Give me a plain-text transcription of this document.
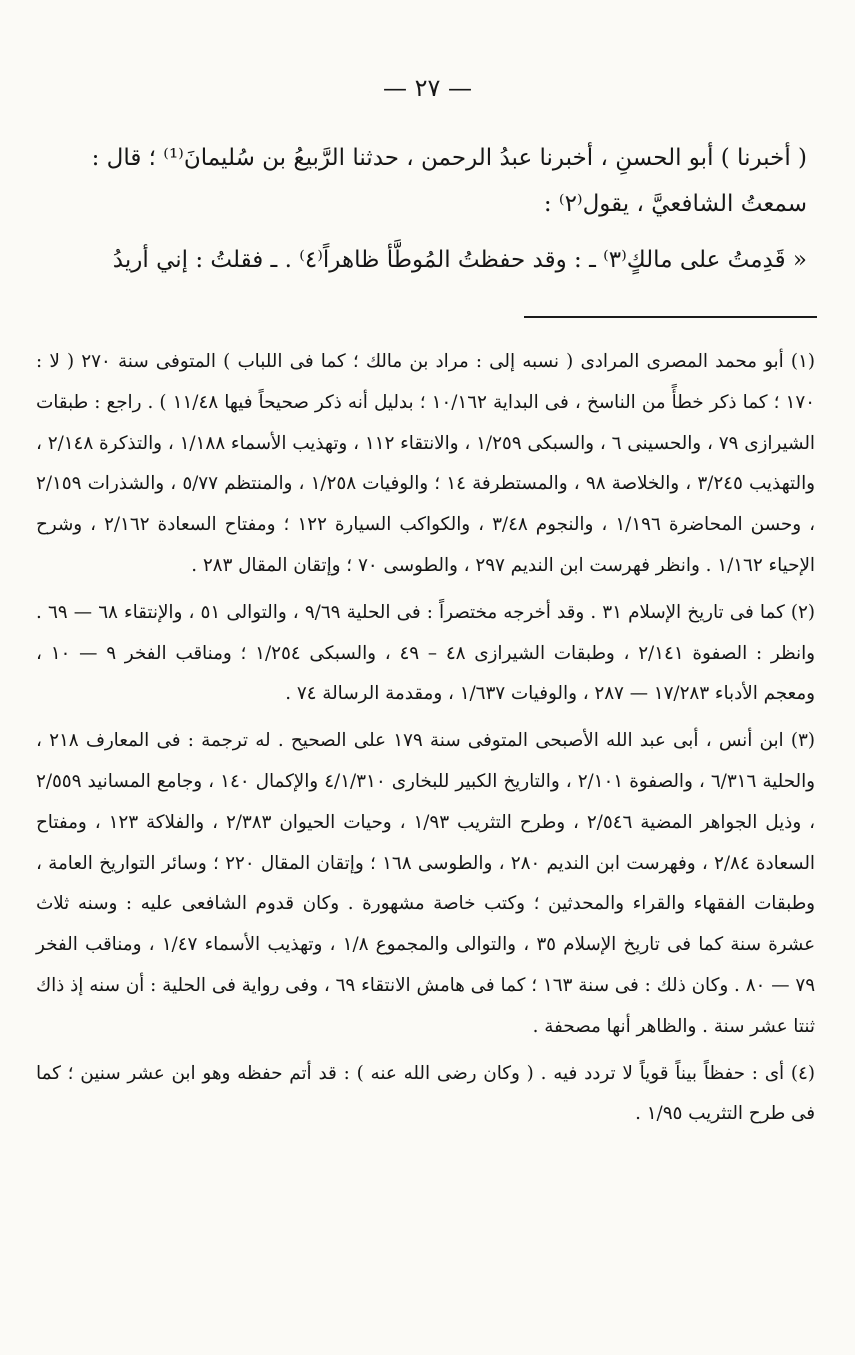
— ٢٧ —

( أخبرنا ) أبو الحسنِ ، أخبرنا عبدُ الرحمن ، حدثنا الرَّبيعُ بن سُليمانَ⁽¹⁾ ؛ قال :

سمعتُ الشافعيَّ ، يقول⁽٢⁾ :

« قَدِمتُ على مالكٍ⁽٣⁾ ـ : وقد حفظتُ المُوطَّأ ظاهراً⁽٤⁾ . ـ فقلتُ : إني أريدُ

(١) أبو محمد المصرى المرادى ( نسبه إلى : مراد بن مالك ؛ كما فى اللباب ) المتوفى سنة ٢٧٠ ( لا : ١٧٠ ؛ كما ذكر خطأً من الناسخ ، فى البداية ١٠/١٦٢ ؛ بدليل أنه ذكر صحيحاً فيها ١١/٤٨ ) . راجع : طبقات الشيرازى ٧٩ ، والحسينى ٦ ، والسبكى ١/٢٥٩ ، والانتقاء ١١٢ ، وتهذيب الأسماء ١/١٨٨ ، والتذكرة ٢/١٤٨ ، والتهذيب ٣/٢٤٥ ، والخلاصة ٩٨ ، والمستطرفة ١٤ ؛ والوفيات ١/٢٥٨ ، والمنتظم ٥/٧٧ ، والشذرات ٢/١٥٩ ، وحسن المحاضرة ١/١٩٦ ، والنجوم ٣/٤٨ ، والكواكب السيارة ١٢٢ ؛ ومفتاح السعادة ٢/١٦٢ ، وشرح الإحياء ١/١٦٢ . وانظر فهرست ابن النديم ٢٩٧ ، والطوسى ٧٠ ؛ وإتقان المقال ٢٨٣ .

(٢) كما فى تاريخ الإسلام ٣١ . وقد أخرجه مختصراً : فى الحلية ٩/٦٩ ، والتوالى ٥١ ، والإنتقاء ٦٨ — ٦٩ . وانظر : الصفوة ٢/١٤١ ، وطبقات الشيرازى ٤٨ – ٤٩ ، والسبكى ١/٢٥٤ ؛ ومناقب الفخر ٩ — ١٠ ، ومعجم الأدباء ١٧/٢٨٣ — ٢٨٧ ، والوفيات ١/٦٣٧ ، ومقدمة الرسالة ٧٤ .

(٣) ابن أنس ، أبى عبد الله الأصبحى المتوفى سنة ١٧٩ على الصحيح . له ترجمة : فى المعارف ٢١٨ ، والحلية ٦/٣١٦ ، والصفوة ٢/١٠١ ، والتاريخ الكبير للبخارى ٤/١/٣١٠ والإكمال ١٤٠ ، وجامع المسانيد ٢/٥٥٩ ، وذيل الجواهر المضية ٢/٥٤٦ ، وطرح التثريب ١/٩٣ ، وحيات الحيوان ٢/٣٨٣ ، والفلاكة ١٢٣ ، ومفتاح السعادة ٢/٨٤ ، وفهرست ابن النديم ٢٨٠ ، والطوسى ١٦٨ ؛ وإتقان المقال ٢٢٠ ؛ وسائر التواريخ العامة ، وطبقات الفقهاء والقراء والمحدثين ؛ وكتب خاصة مشهورة . وكان قدوم الشافعى عليه : وسنه ثلاث عشرة سنة كما فى تاريخ الإسلام ٣٥ ، والتوالى والمجموع ١/٨ ، وتهذيب الأسماء ١/٤٧ ، ومناقب الفخر ٧٩ — ٨٠ . وكان ذلك : فى سنة ١٦٣ ؛ كما فى هامش الانتقاء ٦٩ ، وفى رواية فى الحلية : أن سنه إذ ذاك ثنتا عشر سنة . والظاهر أنها مصحفة .

(٤) أى : حفظاً بيناً قوياً لا تردد فيه . ( وكان رضى الله عنه ) : قد أتم حفظه وهو ابن عشر سنين ؛ كما فى طرح التثريب ١/٩٥ .
